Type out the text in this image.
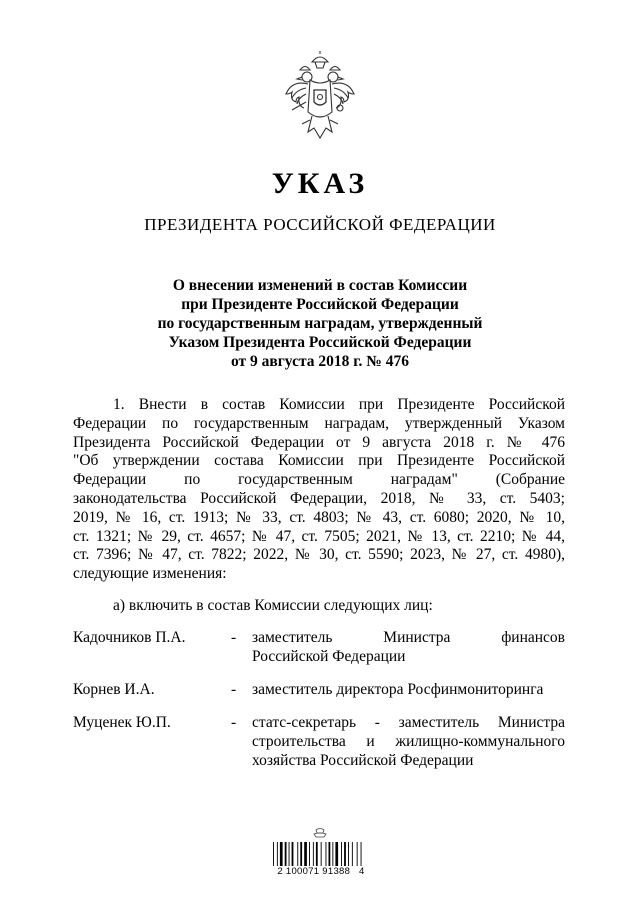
УКАЗ
ПРЕЗИДЕНТА РОССИЙСКОЙ ФЕДЕРАЦИИ
О внесении изменений в состав Комиссии
при Президенте Российской Федерации
по государственным наградам, утвержденный
Указом Президента Российской Федерации
от 9 августа 2018 г. № 476
1. Внести в состав Комиссии при Президенте Российской
Федерации по государственным наградам, утвержденный Указом
Президента Российской Федерации от 9 августа 2018 г. № 476
"Об утверждении состава Комиссии при Президенте Российской
Федерации по государственным наградам" (Собрание
законодательства Российской Федерации, 2018, № 33, ст. 5403;
2019, № 16, ст. 1913; № 33, ст. 4803; № 43, ст. 6080; 2020, № 10,
ст. 1321; № 29, ст. 4657; № 47, ст. 7505; 2021, № 13, ст. 2210; № 44,
ст. 7396; № 47, ст. 7822; 2022, № 30, ст. 5590; 2023, № 27, ст. 4980),
следующие изменения:
а) включить в состав Комиссии следующих лиц:
Кадочников П.А.	- заместитель Министра финансов
Российской Федерации
Корнев И.А.	- заместитель директора Росфинмониторинга
Муценек Ю.П.	- статс-секретарь - заместитель Министра
строительства и жилищно-коммунального
хозяйства Российской Федерации
2 100071 91388   4
